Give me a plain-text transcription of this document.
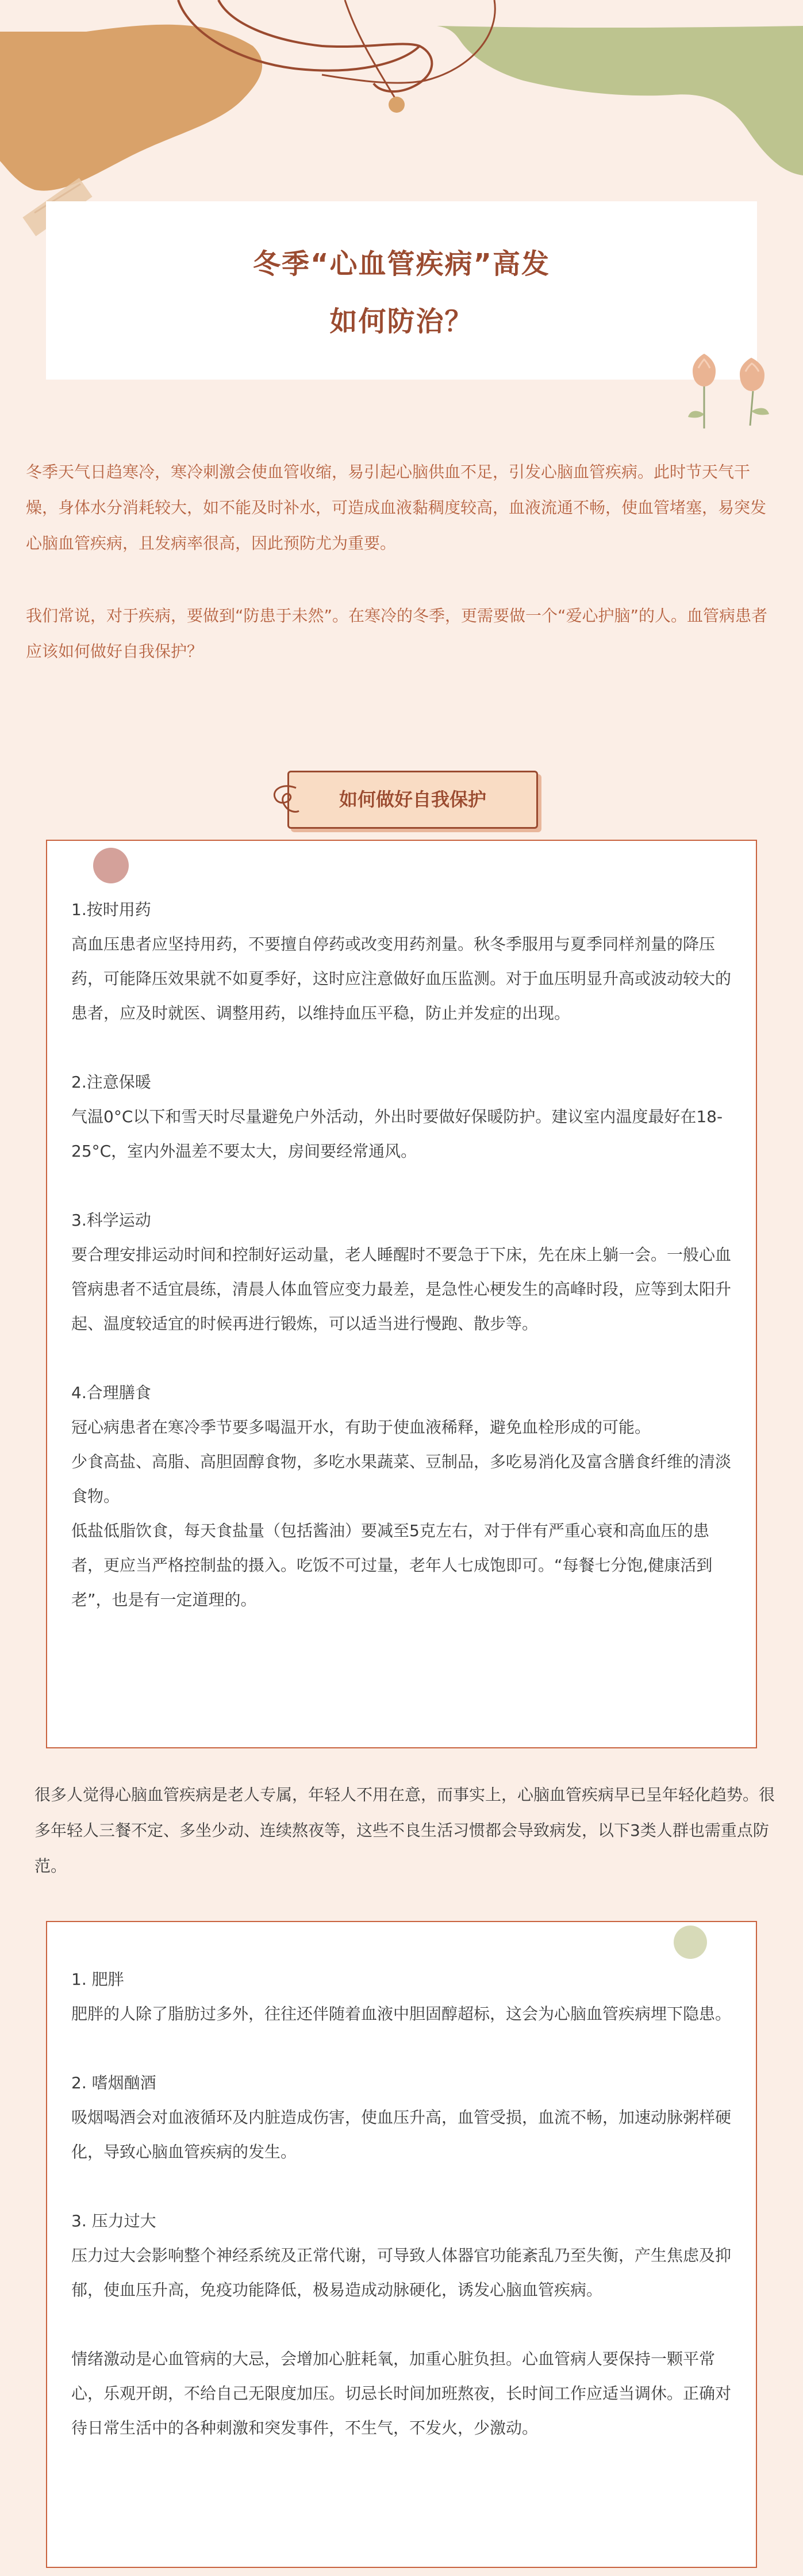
冬季“心血管疾病”高发
如何防治？

冬季天气日趋寒冷，寒冷刺激会使血管收缩，易引起心脑供血不足，引发心脑血管疾病。此时节天气干燥，身体水分消耗较大，如不能及时补水，可造成血液黏稠度较高，血液流通不畅，使血管堵塞，易突发心脑血管疾病，且发病率很高，因此预防尤为重要。

我们常说，对于疾病，要做到“防患于未然”。在寒冷的冬季，更需要做一个“爱心护脑”的人。血管病患者应该如何做好自我保护？

如何做好自我保护

1.按时用药

高血压患者应坚持用药，不要擅自停药或改变用药剂量。秋冬季服用与夏季同样剂量的降压药，可能降压效果就不如夏季好，这时应注意做好血压监测。对于血压明显升高或波动较大的患者，应及时就医、调整用药，以维持血压平稳，防止并发症的出现。

2.注意保暖

气温0°C以下和雪天时尽量避免户外活动，外出时要做好保暖防护。建议室内温度最好在18-25°C，室内外温差不要太大，房间要经常通风。

3.科学运动

要合理安排运动时间和控制好运动量，老人睡醒时不要急于下床，先在床上躺一会。一般心血管病患者不适宜晨练，清晨人体血管应变力最差，是急性心梗发生的高峰时段，应等到太阳升起、温度较适宜的时候再进行锻炼，可以适当进行慢跑、散步等。

4.合理膳食

冠心病患者在寒冷季节要多喝温开水，有助于使血液稀释，避免血栓形成的可能。

少食高盐、高脂、高胆固醇食物，多吃水果蔬菜、豆制品，多吃易消化及富含膳食纤维的清淡食物。

低盐低脂饮食，每天食盐量（包括酱油）要减至5克左右，对于伴有严重心衰和高血压的患者，更应当严格控制盐的摄入。吃饭不可过量，老年人七成饱即可。“每餐七分饱,健康活到老”，也是有一定道理的。

很多人觉得心脑血管疾病是老人专属，年轻人不用在意，而事实上，心脑血管疾病早已呈年轻化趋势。很多年轻人三餐不定、多坐少动、连续熬夜等，这些不良生活习惯都会导致病发，以下3类人群也需重点防范。

1. 肥胖

肥胖的人除了脂肪过多外，往往还伴随着血液中胆固醇超标，这会为心脑血管疾病埋下隐患。

2. 嗜烟酗酒

吸烟喝酒会对血液循环及内脏造成伤害，使血压升高，血管受损，血流不畅，加速动脉粥样硬化，导致心脑血管疾病的发生。

3. 压力过大

压力过大会影响整个神经系统及正常代谢，可导致人体器官功能紊乱乃至失衡，产生焦虑及抑郁，使血压升高，免疫功能降低，极易造成动脉硬化，诱发心脑血管疾病。

情绪激动是心血管病的大忌，会增加心脏耗氧，加重心脏负担。心血管病人要保持一颗平常心，乐观开朗，不给自己无限度加压。切忌长时间加班熬夜，长时间工作应适当调休。正确对待日常生活中的各种刺激和突发事件，不生气，不发火，少激动。
